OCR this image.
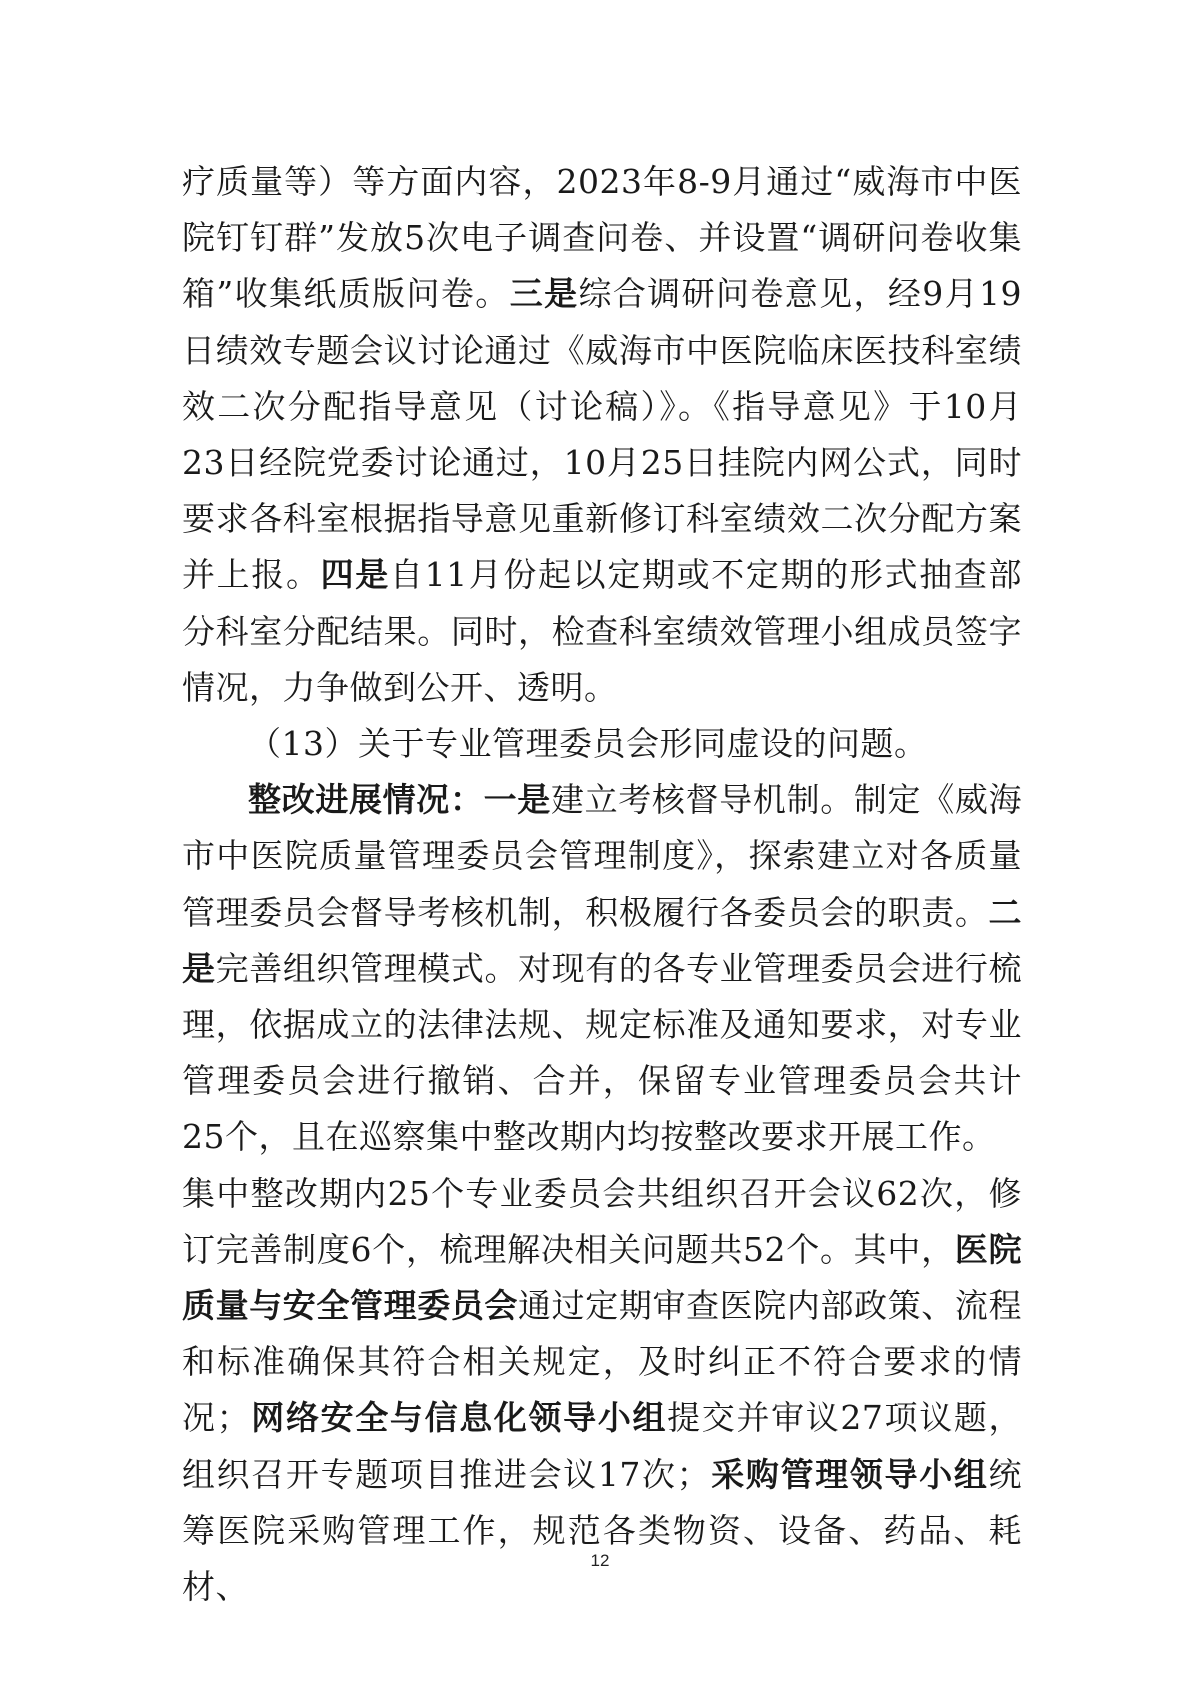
疗质量等）等方面内容，2023年8-9月通过“威海市中医院钉钉群”发放5次电子调查问卷、并设置“调研问卷收集箱”收集纸质版问卷。三是综合调研问卷意见，经9月19日绩效专题会议讨论通过《威海市中医院临床医技科室绩效二次分配指导意见（讨论稿）》。《指导意见》于10月23日经院党委讨论通过，10月25日挂院内网公式，同时要求各科室根据指导意见重新修订科室绩效二次分配方案并上报。四是自11月份起以定期或不定期的形式抽查部分科室分配结果。同时，检查科室绩效管理小组成员签字情况，力争做到公开、透明。

（13）关于专业管理委员会形同虚设的问题。

整改进展情况：一是建立考核督导机制。制定《威海市中医院质量管理委员会管理制度》，探索建立对各质量管理委员会督导考核机制，积极履行各委员会的职责。二是完善组织管理模式。对现有的各专业管理委员会进行梳理，依据成立的法律法规、规定标准及通知要求，对专业管理委员会进行撤销、合并，保留专业管理委员会共计25个，且在巡察集中整改期内均按整改要求开展工作。

集中整改期内25个专业委员会共组织召开会议62次，修订完善制度6个，梳理解决相关问题共52个。其中，医院质量与安全管理委员会通过定期审查医院内部政策、流程和标准确保其符合相关规定，及时纠正不符合要求的情况；网络安全与信息化领导小组提交并审议27项议题，组织召开专题项目推进会议17次；采购管理领导小组统筹医院采购管理工作，规范各类物资、设备、药品、耗材、

12
